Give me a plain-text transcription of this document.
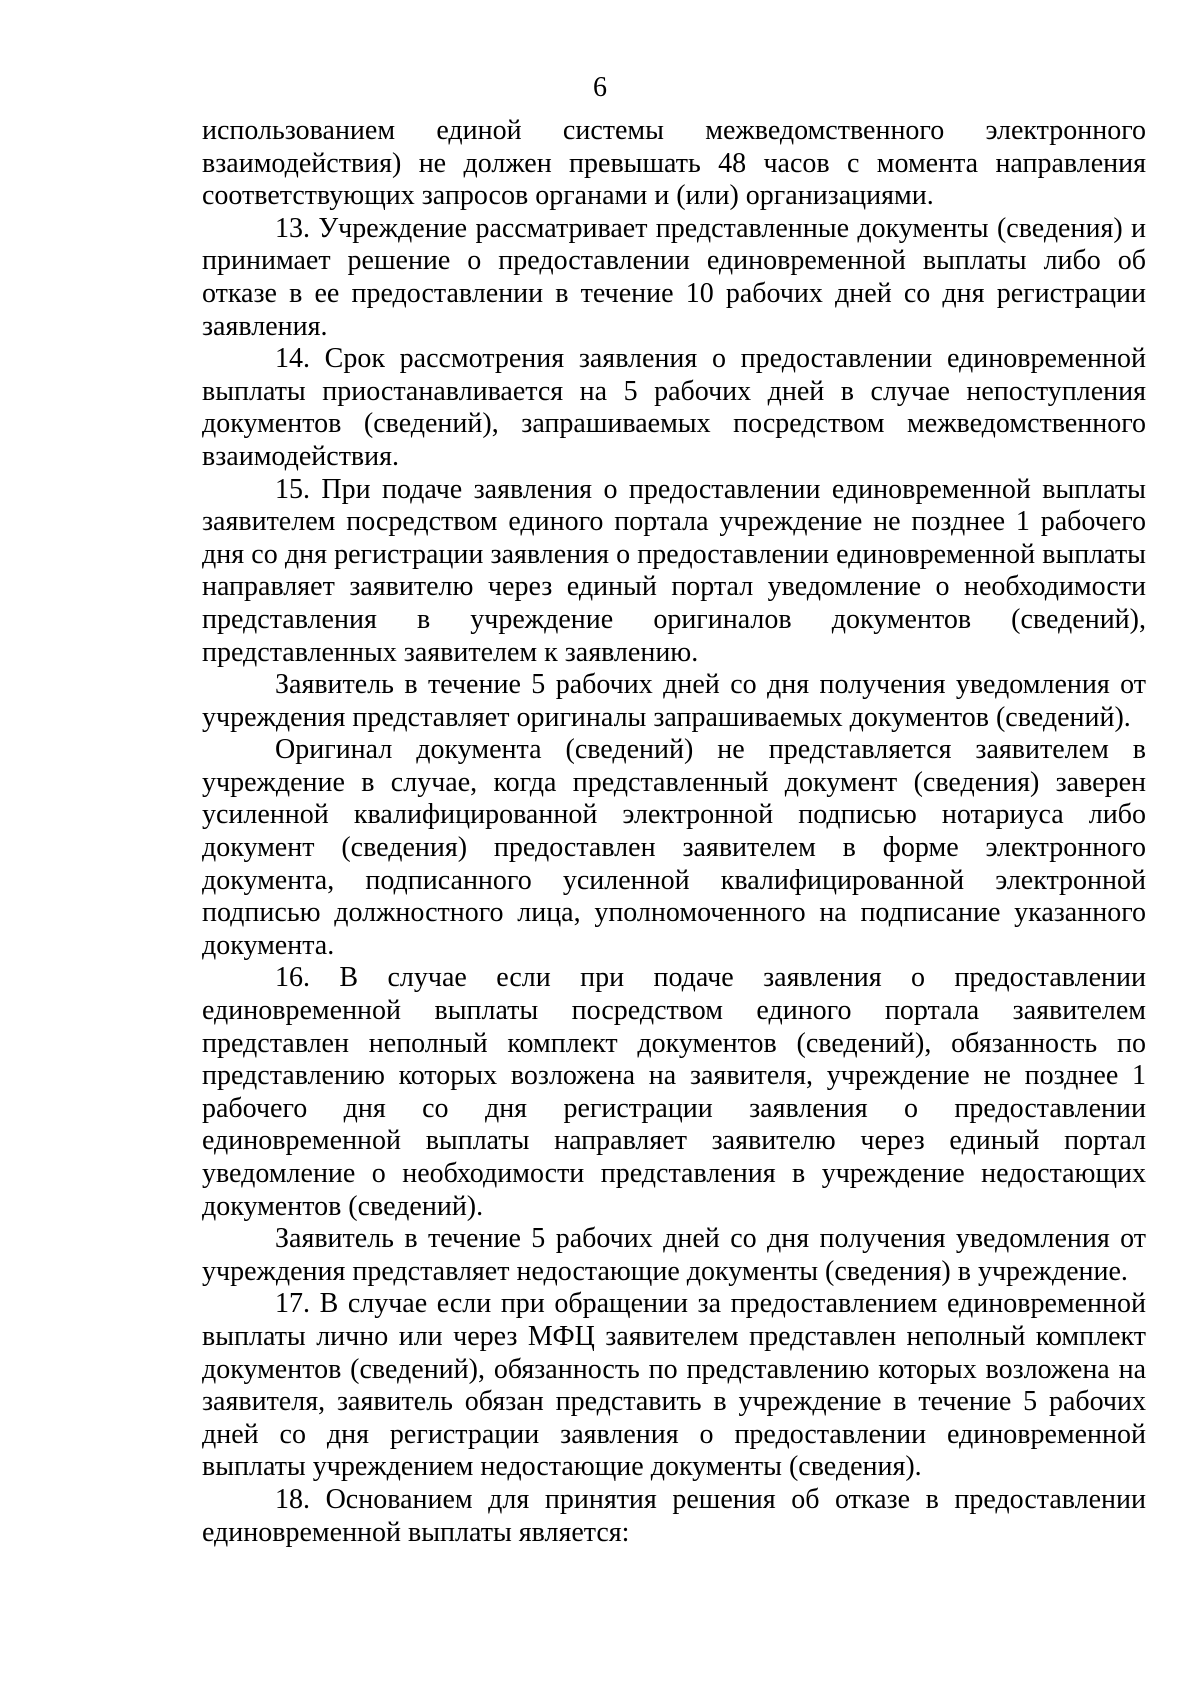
6

использованием единой системы межведомственного электронного взаимодействия) не должен превышать 48 часов с момента направления соответствующих запросов органами и (или) организациями.

13. Учреждение рассматривает представленные документы (сведения) и принимает решение о предоставлении единовременной выплаты либо об отказе в ее предоставлении в течение 10 рабочих дней со дня регистрации заявления.

14. Срок рассмотрения заявления о предоставлении единовременной выплаты приостанавливается на 5 рабочих дней в случае непоступления документов (сведений), запрашиваемых посредством межведомственного взаимодействия.

15. При подаче заявления о предоставлении единовременной выплаты заявителем посредством единого портала учреждение не позднее 1 рабочего дня со дня регистрации заявления о предоставлении единовременной выплаты направляет заявителю через единый портал уведомление о необходимости представления в учреждение оригиналов документов (сведений), представленных заявителем к заявлению.

Заявитель в течение 5 рабочих дней со дня получения уведомления от учреждения представляет оригиналы запрашиваемых документов (сведений).

Оригинал документа (сведений) не представляется заявителем в учреждение в случае, когда представленный документ (сведения) заверен усиленной квалифицированной электронной подписью нотариуса либо документ (сведения) предоставлен заявителем в форме электронного документа, подписанного усиленной квалифицированной электронной подписью должностного лица, уполномоченного на подписание указанного документа.

16. В случае если при подаче заявления о предоставлении единовременной выплаты посредством единого портала заявителем представлен неполный комплект документов (сведений), обязанность по представлению которых возложена на заявителя, учреждение не позднее 1 рабочего дня со дня регистрации заявления о предоставлении единовременной выплаты направляет заявителю через единый портал уведомление о необходимости представления в учреждение недостающих документов (сведений).

Заявитель в течение 5 рабочих дней со дня получения уведомления от учреждения представляет недостающие документы (сведения) в учреждение.

17. В случае если при обращении за предоставлением единовременной выплаты лично или через МФЦ заявителем представлен неполный комплект документов (сведений), обязанность по представлению которых возложена на заявителя, заявитель обязан представить в учреждение в течение 5 рабочих дней со дня регистрации заявления о предоставлении единовременной выплаты учреждением недостающие документы (сведения).

18. Основанием для принятия решения об отказе в предоставлении единовременной выплаты является:
